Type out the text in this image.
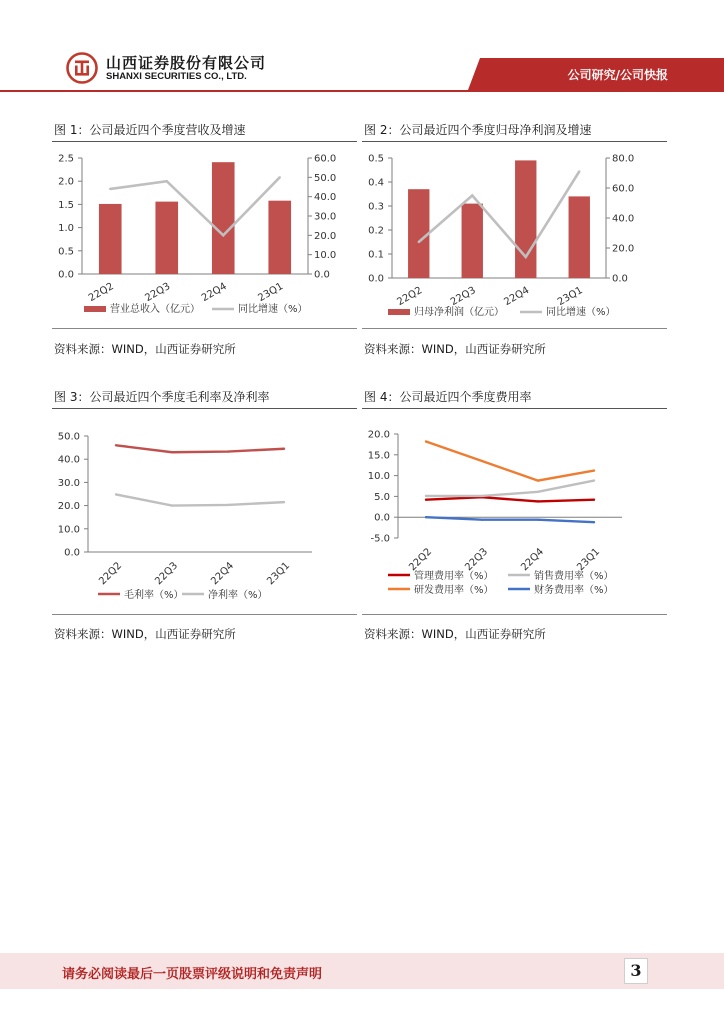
山西证券股份有限公司
SHANXI SECURITIES CO., LTD.	公司研究/公司快报
图 1：公司最近四个季度营收及增速
2.5
2.0
1.5
1.0
0.5
0.0
60.0
50.0
40.0
30.0
20.0
10.0
0.0
22Q2	22Q3	22Q4	23Q1
营业总收入（亿元）	同比增速（%）
资料来源：WIND，山西证券研究所
图 2：公司最近四个季度归母净利润及增速
0.5
0.4
0.3
0.2
0.1
0.0
80.0
60.0
40.0
20.0
0.0
22Q2 22Q3 22Q4 23Q1
归母净利润（亿元）	同比增速（%）
资料来源：WIND，山西证券研究所
图 3：公司最近四个季度毛利率及净利率
50.0
40.0
30.0
20.0
10.0
0.0
22Q2	22Q3	22Q4	23Q1
毛利率（%） 净利率（%）
资料来源：WIND，山西证券研究所
图 4：公司最近四个季度费用率
20.0
15.0
10.0
5.0
0.0
-5.0
22Q2	22Q3	22Q4	23Q1
管理费用率（%）	销售费用率（%）
研发费用率（%）	财务费用率（%）
资料来源：WIND，山西证券研究所
请务必阅读最后一页股票评级说明和免责声明	3
